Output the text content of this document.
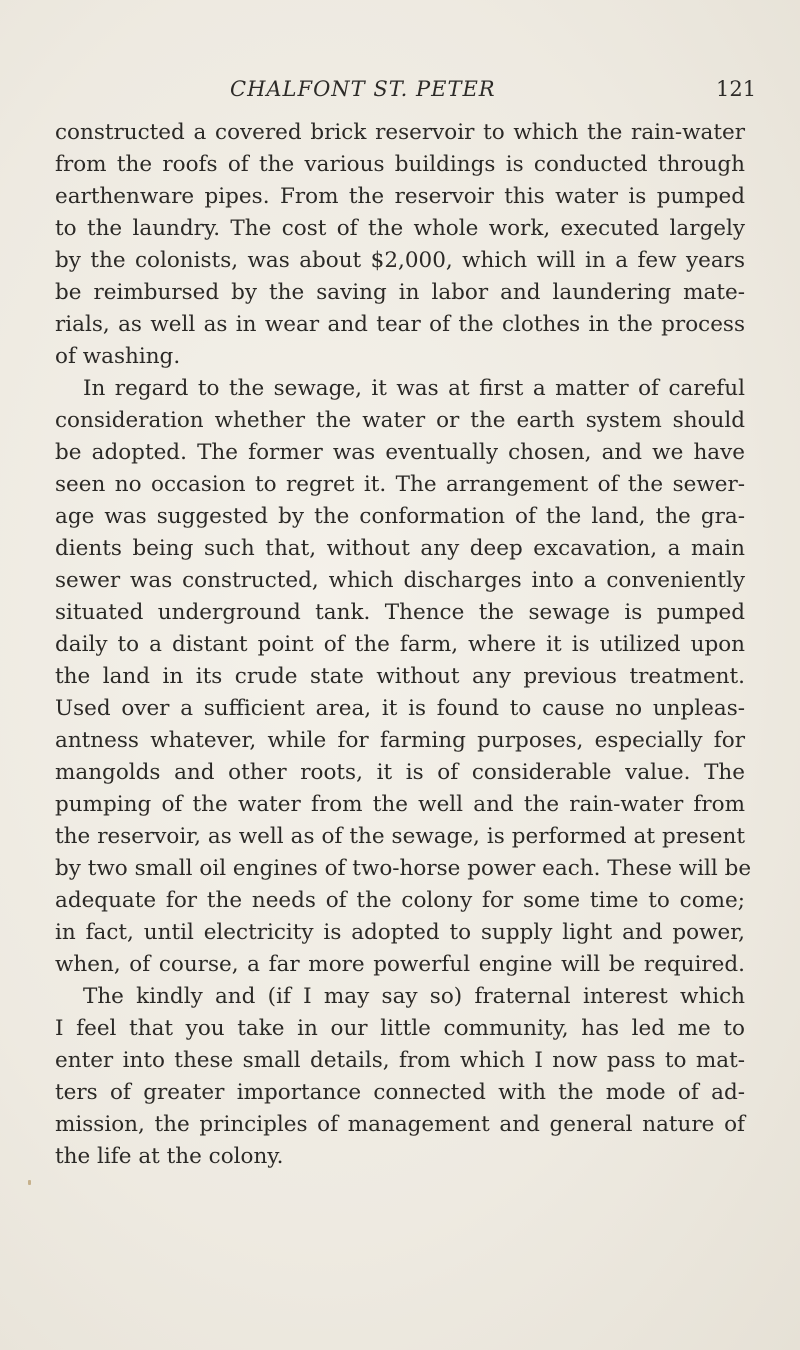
CHALFONT ST. PETER	121
constructed a covered brick reservoir to which the rain-water
from the roofs of the various buildings is conducted through
earthenware pipes. From the reservoir this water is pumped
to the laundry. The cost of the whole work, executed largely
by the colonists, was about $2,000, which will in a few years
be reimbursed by the saving in labor and laundering mate-
rials, as well as in wear and tear of the clothes in the process
of washing.
In regard to the sewage, it was at first a matter of careful
consideration whether the water or the earth system should
be adopted. The former was eventually chosen, and we have
seen no occasion to regret it. The arrangement of the sewer-
age was suggested by the conformation of the land, the gra-
dients being such that, without any deep excavation, a main
sewer was constructed, which discharges into a conveniently
situated underground tank. Thence the sewage is pumped
daily to a distant point of the farm, where it is utilized upon
the land in its crude state without any previous treatment.
Used over a sufficient area, it is found to cause no unpleas-
antness whatever, while for farming purposes, especially for
mangolds and other roots, it is of considerable value. The
pumping of the water from the well and the rain-water from
the reservoir, as well as of the sewage, is performed at present
by two small oil engines of two-horse power each. These will be
adequate for the needs of the colony for some time to come;
in fact, until electricity is adopted to supply light and power,
when, of course, a far more powerful engine will be required.
The kindly and (if I may say so) fraternal interest which
I feel that you take in our little community, has led me to
enter into these small details, from which I now pass to mat-
ters of greater importance connected with the mode of ad-
mission, the principles of management and general nature of
the life at the colony.
